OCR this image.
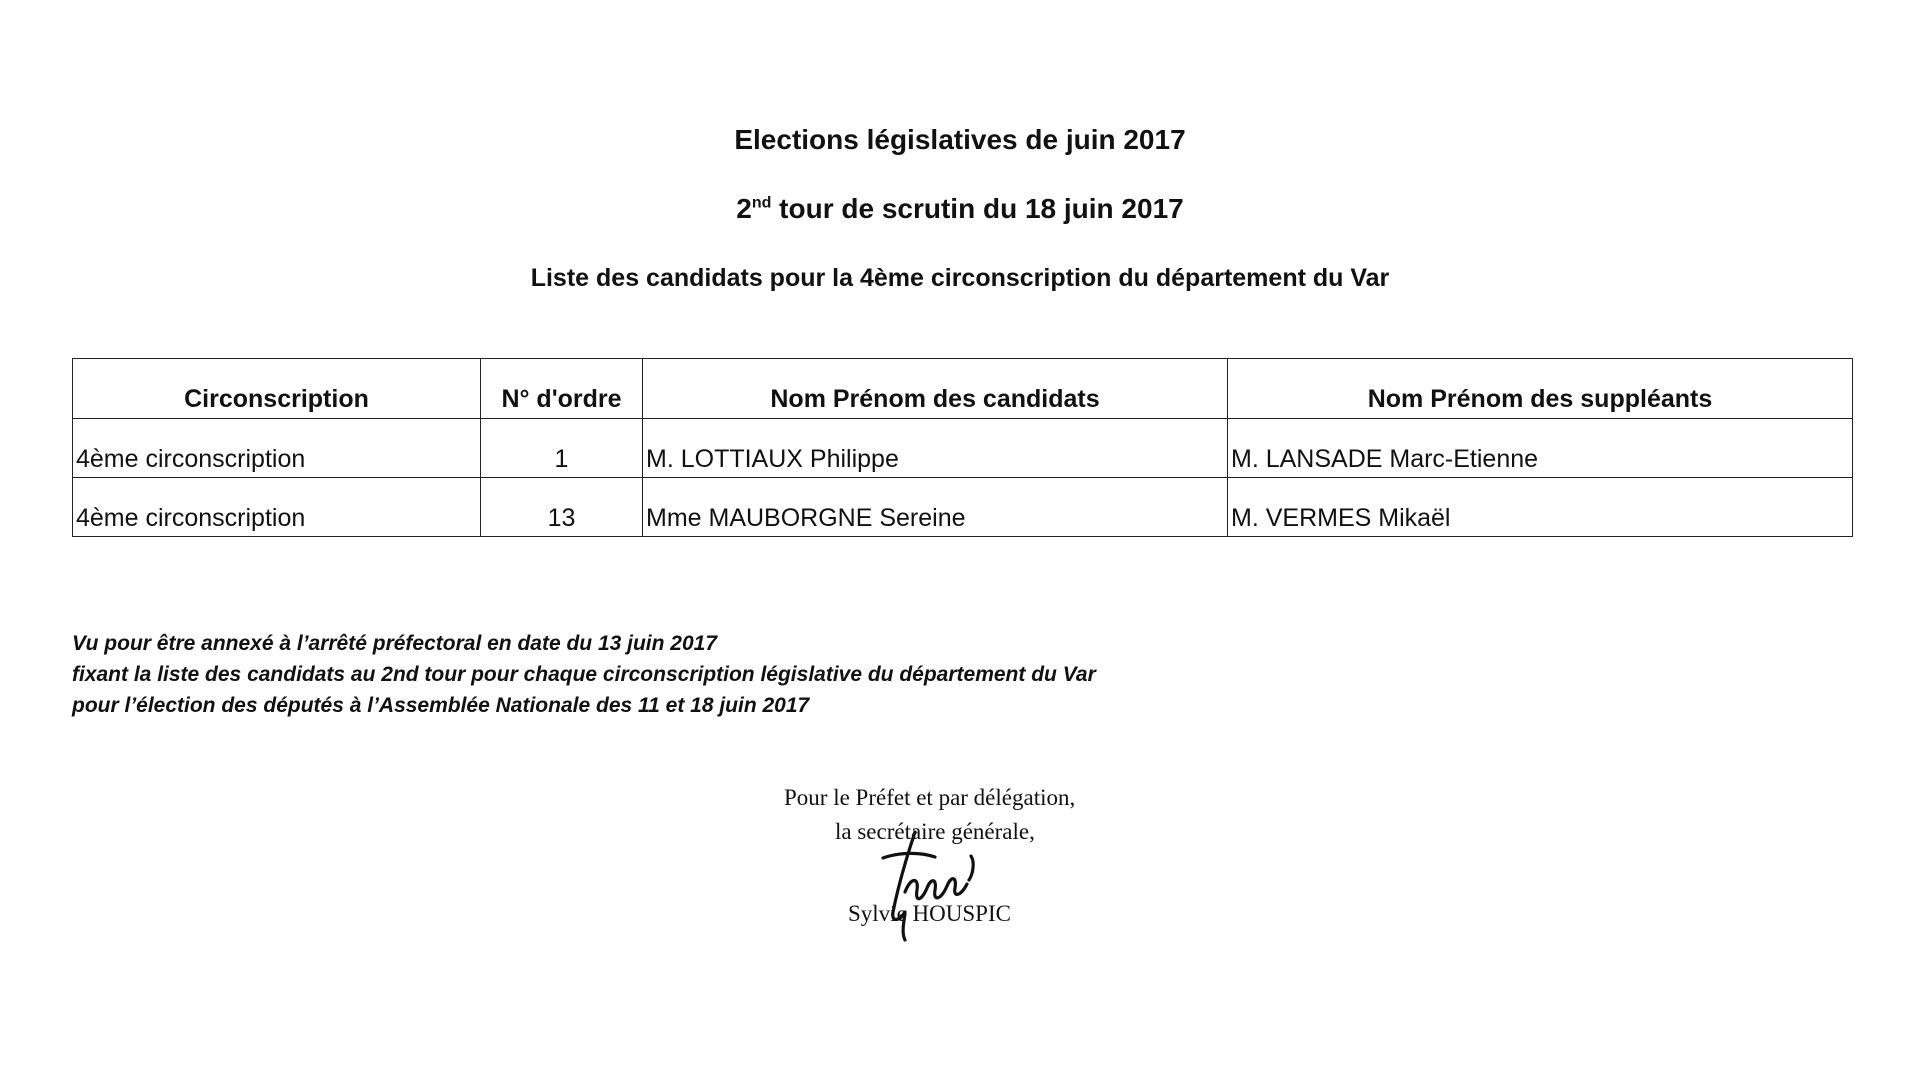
Elections législatives de juin 2017
2nd tour de scrutin du 18 juin 2017
Liste des candidats pour la 4ème circonscription du département du Var
Circonscription	N° d'ordre	Nom Prénom des candidats	Nom Prénom des suppléants
4ème circonscription	1	M. LOTTIAUX Philippe	M. LANSADE Marc-Etienne
4ème circonscription	13	Mme MAUBORGNE Sereine	M. VERMES Mikaël
Vu pour être annexé à l’arrêté préfectoral en date du 13 juin 2017
fixant la liste des candidats au 2nd tour pour chaque circonscription législative du département du Var
pour l’élection des députés à l’Assemblée Nationale des 11 et 18 juin 2017
Pour le Préfet et par délégation,
la secrétaire générale,
Sylvie HOUSPIC
